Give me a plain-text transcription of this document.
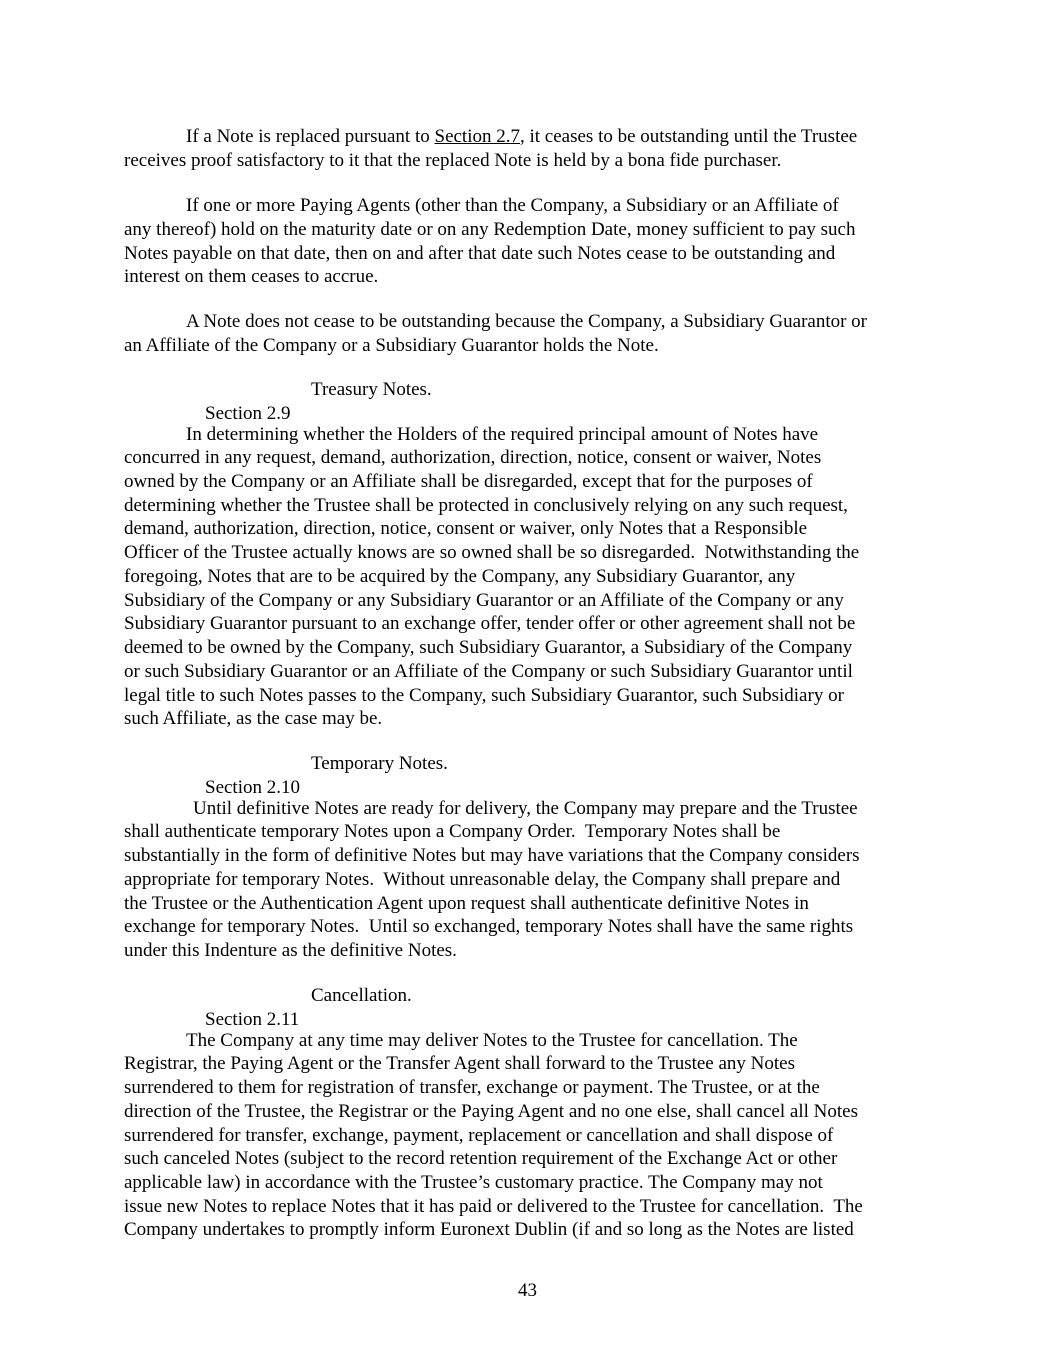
If a Note is replaced pursuant to Section 2.7, it ceases to be outstanding until the Trustee
receives proof satisfactory to it that the replaced Note is held by a bona fide purchaser.
If one or more Paying Agents (other than the Company, a Subsidiary or an Affiliate of
any thereof) hold on the maturity date or on any Redemption Date, money sufficient to pay such
Notes payable on that date, then on and after that date such Notes cease to be outstanding and
interest on them ceases to accrue.
A Note does not cease to be outstanding because the Company, a Subsidiary Guarantor or
an Affiliate of the Company or a Subsidiary Guarantor holds the Note.

Section 2.9

Treasury Notes.

In determining whether the Holders of the required principal amount of Notes have
concurred in any request, demand, authorization, direction, notice, consent or waiver, Notes
owned by the Company or an Affiliate shall be disregarded, except that for the purposes of
determining whether the Trustee shall be protected in conclusively relying on any such request,
demand, authorization, direction, notice, consent or waiver, only Notes that a Responsible
Officer of the Trustee actually knows are so owned shall be so disregarded.  Notwithstanding the
foregoing, Notes that are to be acquired by the Company, any Subsidiary Guarantor, any
Subsidiary of the Company or any Subsidiary Guarantor or an Affiliate of the Company or any
Subsidiary Guarantor pursuant to an exchange offer, tender offer or other agreement shall not be
deemed to be owned by the Company, such Subsidiary Guarantor, a Subsidiary of the Company
or such Subsidiary Guarantor or an Affiliate of the Company or such Subsidiary Guarantor until
legal title to such Notes passes to the Company, such Subsidiary Guarantor, such Subsidiary or
such Affiliate, as the case may be.

Section 2.10

Temporary Notes.

Until definitive Notes are ready for delivery, the Company may prepare and the Trustee
shall authenticate temporary Notes upon a Company Order.  Temporary Notes shall be
substantially in the form of definitive Notes but may have variations that the Company considers
appropriate for temporary Notes.  Without unreasonable delay, the Company shall prepare and
the Trustee or the Authentication Agent upon request shall authenticate definitive Notes in
exchange for temporary Notes.  Until so exchanged, temporary Notes shall have the same rights
under this Indenture as the definitive Notes.

Section 2.11

Cancellation.

The Company at any time may deliver Notes to the Trustee for cancellation. The
Registrar, the Paying Agent or the Transfer Agent shall forward to the Trustee any Notes
surrendered to them for registration of transfer, exchange or payment. The Trustee, or at the
direction of the Trustee, the Registrar or the Paying Agent and no one else, shall cancel all Notes
surrendered for transfer, exchange, payment, replacement or cancellation and shall dispose of
such canceled Notes (subject to the record retention requirement of the Exchange Act or other
applicable law) in accordance with the Trustee’s customary practice. The Company may not
issue new Notes to replace Notes that it has paid or delivered to the Trustee for cancellation.  The
Company undertakes to promptly inform Euronext Dublin (if and so long as the Notes are listed
43
